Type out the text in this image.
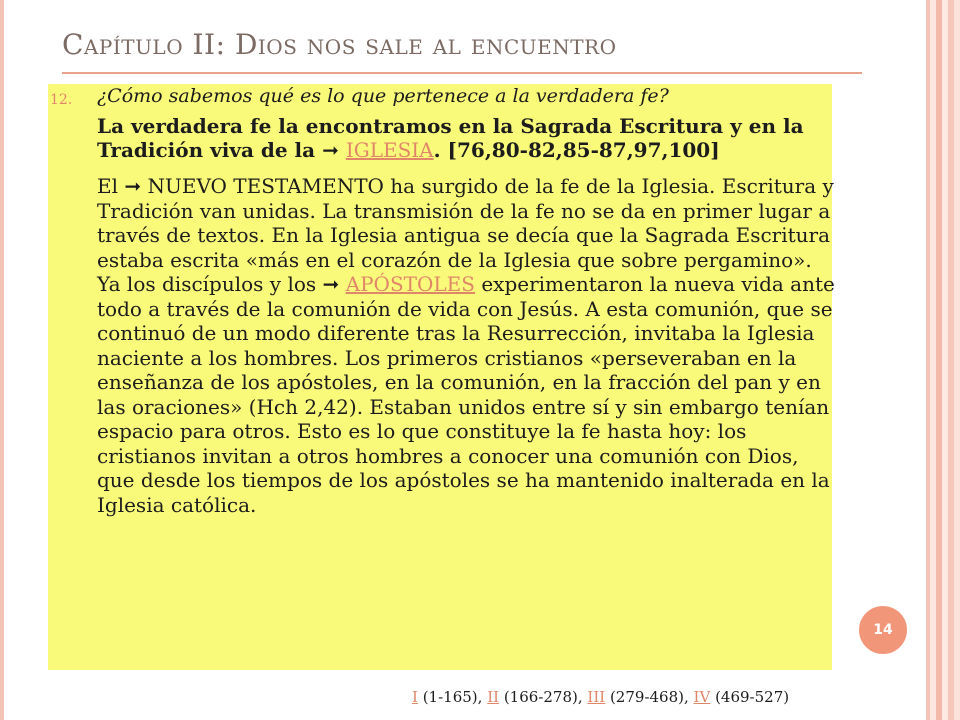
Capítulo II: Dios nos sale al encuentro
12. ¿Cómo sabemos qué es lo que pertenece a la verdadera fe?

La verdadera fe la encontramos en la Sagrada Escritura y en la Tradición viva de la ➞ IGLESIA. [76,80-82,85-87,97,100]

El ➞ NUEVO TESTAMENTO ha surgido de la fe de la Iglesia. Escritura y Tradición van unidas. La transmisión de la fe no se da en primer lugar a través de textos. En la Iglesia antigua se decía que la Sagrada Escritura estaba escrita «más en el corazón de la Iglesia que sobre pergamino». Ya los discípulos y los ➞ APÓSTOLES experimentaron la nueva vida ante todo a través de la comunión de vida con Jesús. A esta comunión, que se continuó de un modo diferente tras la Resurrección, invitaba la Iglesia naciente a los hombres. Los primeros cristianos «perseveraban en la enseñanza de los apóstoles, en la comunión, en la fracción del pan y en las oraciones» (Hch 2,42). Estaban unidos entre sí y sin embargo tenían espacio para otros. Esto es lo que constituye la fe hasta hoy: los cristianos invitan a otros hombres a conocer una comunión con Dios, que desde los tiempos de los apóstoles se ha mantenido inalterada en la Iglesia católica.

14
I (1-165), II (166-278), III (279-468), IV (469-527)
